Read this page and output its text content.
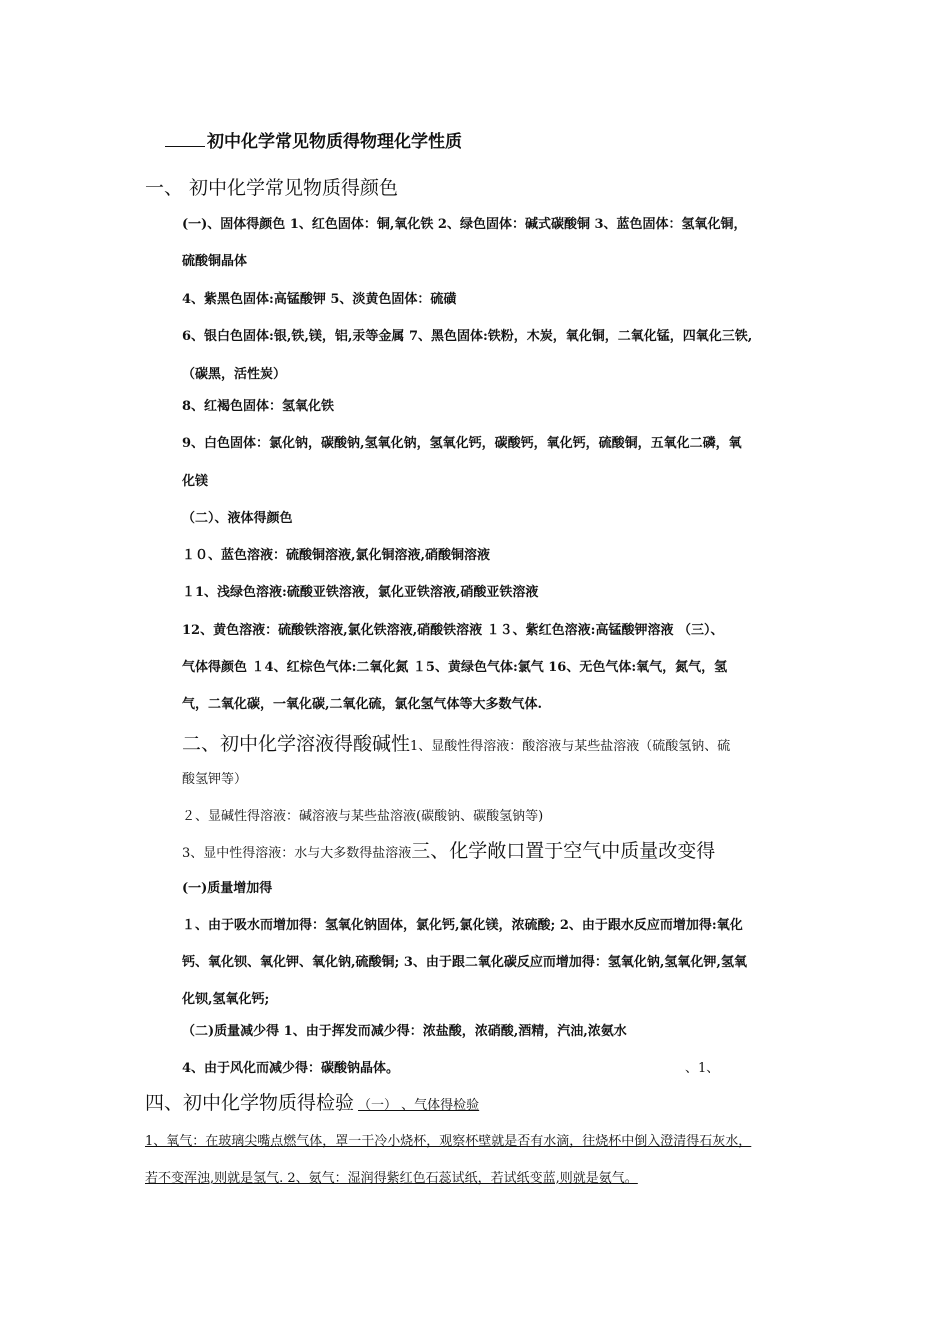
初中化学常见物质得物理化学性质
一、 初中化学常见物质得颜色
(一)、固体得颜色 1、红色固体：铜,氧化铁 2、绿色固体：碱式碳酸铜 3、蓝色固体：氢氧化铜，
硫酸铜晶体
4、紫黑色固体:高锰酸钾 5、淡黄色固体：硫磺
6、银白色固体:银,铁,镁，铝,汞等金属 7、黑色固体:铁粉，木炭，氧化铜，二氧化锰，四氧化三铁,
（碳黑，活性炭）
8、红褐色固体：氢氧化铁
9、白色固体：氯化钠，碳酸钠,氢氧化钠，氢氧化钙，碳酸钙，氧化钙，硫酸铜，五氧化二磷，氧
化镁
（二）、液体得颜色
１０、蓝色溶液：硫酸铜溶液,氯化铜溶液,硝酸铜溶液
１1、浅绿色溶液:硫酸亚铁溶液，氯化亚铁溶液,硝酸亚铁溶液
12、黄色溶液：硫酸铁溶液,氯化铁溶液,硝酸铁溶液 １３、紫红色溶液:高锰酸钾溶液 （三）、
气体得颜色 １4、红棕色气体:二氧化氮 １5、黄绿色气体:氯气 16、无色气体:氧气，氮气，氢
气，二氧化碳，一氧化碳,二氧化硫，氯化氢气体等大多数气体.
二、初中化学溶液得酸碱性1、显酸性得溶液：酸溶液与某些盐溶液（硫酸氢钠、硫
酸氢钾等）
２、显碱性得溶液：碱溶液与某些盐溶液(碳酸钠、碳酸氢钠等)
3、显中性得溶液：水与大多数得盐溶液三、化学敞口置于空气中质量改变得
(一)质量增加得
１、由于吸水而增加得：氢氧化钠固体，氯化钙,氯化镁，浓硫酸; 2、由于跟水反应而增加得:氧化
钙、氧化钡、氧化钾、氧化钠,硫酸铜; 3、由于跟二氧化碳反应而增加得：氢氧化钠,氢氧化钾,氢氧
化钡,氢氧化钙;
（二)质量减少得 1、由于挥发而减少得：浓盐酸，浓硝酸,酒精，汽油,浓氨水
4、由于风化而减少得：碳酸钠晶体。	、1、
四、初中化学物质得检验 （一） 、气体得检验
1、氧气：在玻璃尖嘴点燃气体，罩一干冷小烧杯，观察杯壁就是否有水滴，往烧杯中倒入澄清得石灰水，
若不变浑浊,则就是氢气. 2、氨气：湿润得紫红色石蕊试纸，若试纸变蓝,则就是氨气。
